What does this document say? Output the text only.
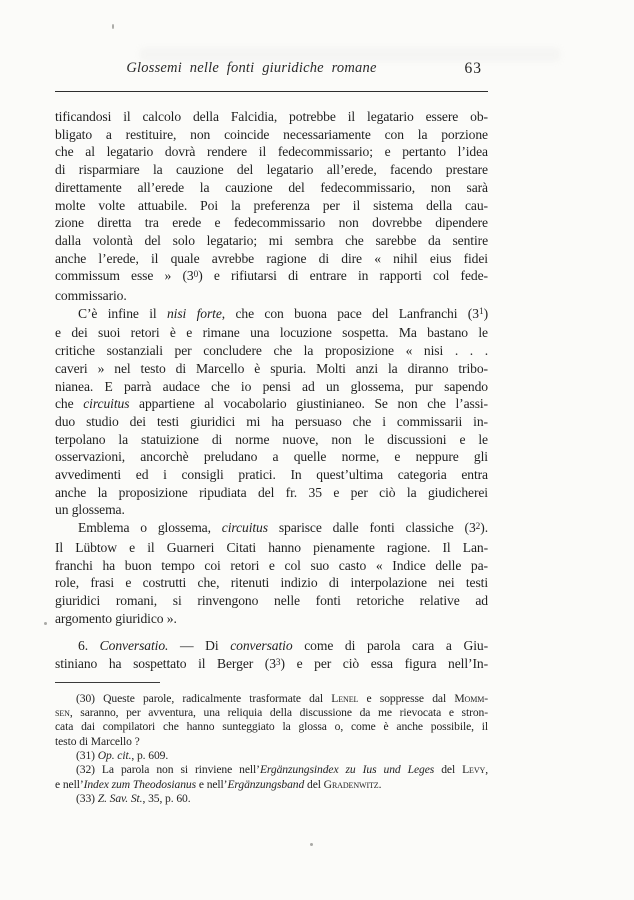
Glossemi nelle fonti giuridiche romane	63
tificandosi il calcolo della Falcidia, potrebbe il legatario essere ob-
bligato a restituire, non coincide necessariamente con la porzione
che al legatario dovrà rendere il fedecommissario; e pertanto l’idea
di risparmiare la cauzione del legatario all’erede, facendo prestare
direttamente all’erede la cauzione del fedecommissario, non sarà
molte volte attuabile. Poi la preferenza per il sistema della cau-
zione diretta tra erede e fedecommissario non dovrebbe dipendere
dalla volontà del solo legatario; mi sembra che sarebbe da sentire
anche l’erede, il quale avrebbe ragione di dire « nihil eius fidei
commissum esse » $(3^0)$ e rifiutarsi di entrare in rapporti col fede-
commissario.
C’è infine il nisi forte, che con buona pace del Lanfranchi $(3^1)$
e dei suoi retori è e rimane una locuzione sospetta. Ma bastano le
critiche sostanziali per concludere che la proposizione « nisi . . .
caveri » nel testo di Marcello è spuria. Molti anzi la diranno tribo-
nianea. E parrà audace che io pensi ad un glossema, pur sapendo
che circuitus appartiene al vocabolario giustinianeo. Se non che l’assi-
duo studio dei testi giuridici mi ha persuaso che i commissarii in-
terpolano la statuizione di norme nuove, non le discussioni e le
osservazioni, ancorchè preludano a quelle norme, e neppure gli
avvedimenti ed i consigli pratici. In quest’ultima categoria entra
anche la proposizione ripudiata del fr. 35 e per ciò la giudicherei
un glossema.
Emblema o glossema, circuitus sparisce dalle fonti classiche $(3^2)$.
Il Lübtow e il Guarneri Citati hanno pienamente ragione. Il Lan-
franchi ha buon tempo coi retori e col suo casto « Indice delle pa-
role, frasi e costrutti che, ritenuti indizio di interpolazione nei testi
giuridici romani, si rinvengono nelle fonti retoriche relative ad
argomento giuridico ».
6. Conversatio. — Di conversatio come di parola cara a Giu-
stiniano ha sospettato il Berger $(3^3)$ e per ciò essa figura nell’In-
(30) Queste parole, radicalmente trasformate dal Lenel e soppresse dal Momm-
sen, saranno, per avventura, una reliquia della discussione da me rievocata e stron-
cata dai compilatori che hanno sunteggiato la glossa o, come è anche possibile, il
testo di Marcello ?
(31) Op. cit., p. 609.
(32) La parola non si rinviene nell’Ergänzungsindex zu Ius und Leges del Levy,
e nell’Index zum Theodosianus e nell’Ergänzungsband del Gradenwitz.
(33) Z. Sav. St., 35, p. 60.
